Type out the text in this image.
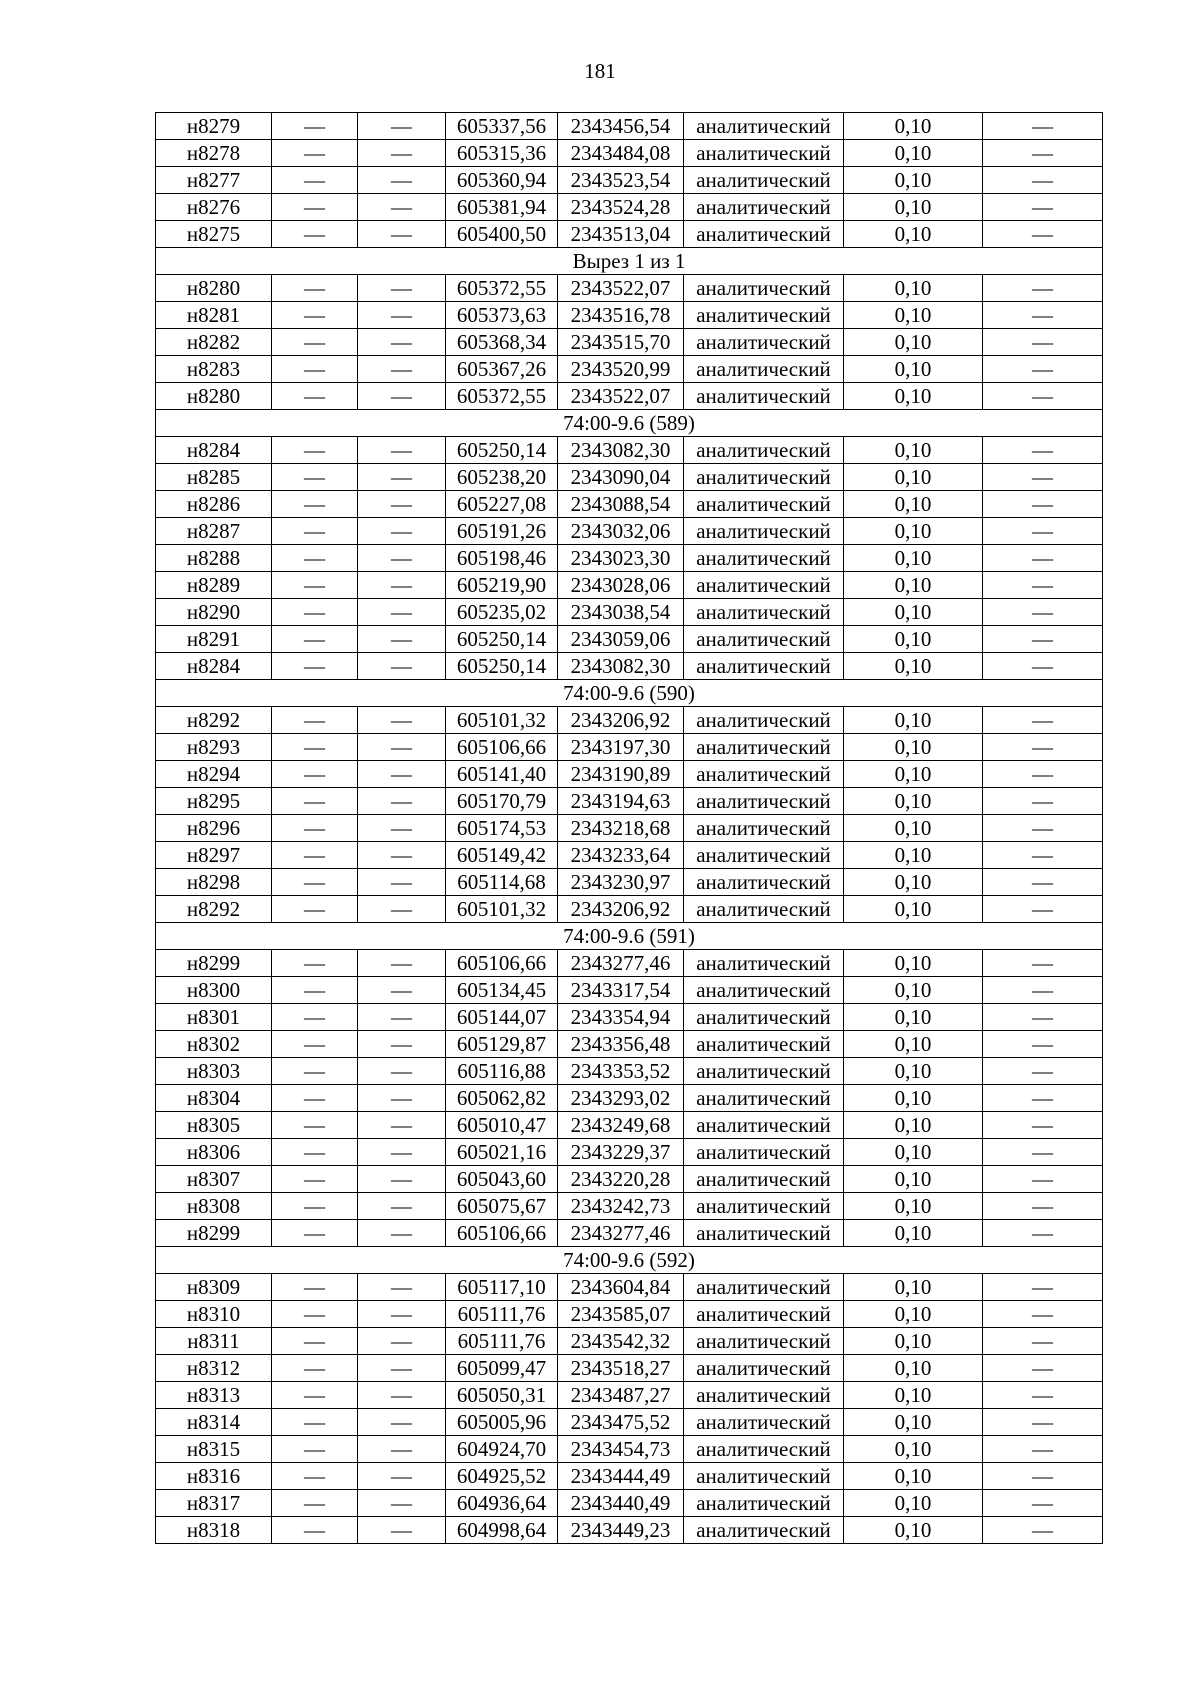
181
н8279	—	—	605337,56	2343456,54	аналитический	0,10	—
н8278	—	—	605315,36	2343484,08	аналитический	0,10	—
н8277	—	—	605360,94	2343523,54	аналитический	0,10	—
н8276	—	—	605381,94	2343524,28	аналитический	0,10	—
н8275	—	—	605400,50	2343513,04	аналитический	0,10	—
Вырез 1 из 1							
н8280	—	—	605372,55	2343522,07	аналитический	0,10	—
н8281	—	—	605373,63	2343516,78	аналитический	0,10	—
н8282	—	—	605368,34	2343515,70	аналитический	0,10	—
н8283	—	—	605367,26	2343520,99	аналитический	0,10	—
н8280	—	—	605372,55	2343522,07	аналитический	0,10	—
74:00-9.6 (589)							
н8284	—	—	605250,14	2343082,30	аналитический	0,10	—
н8285	—	—	605238,20	2343090,04	аналитический	0,10	—
н8286	—	—	605227,08	2343088,54	аналитический	0,10	—
н8287	—	—	605191,26	2343032,06	аналитический	0,10	—
н8288	—	—	605198,46	2343023,30	аналитический	0,10	—
н8289	—	—	605219,90	2343028,06	аналитический	0,10	—
н8290	—	—	605235,02	2343038,54	аналитический	0,10	—
н8291	—	—	605250,14	2343059,06	аналитический	0,10	—
н8284	—	—	605250,14	2343082,30	аналитический	0,10	—
74:00-9.6 (590)							
н8292	—	—	605101,32	2343206,92	аналитический	0,10	—
н8293	—	—	605106,66	2343197,30	аналитический	0,10	—
н8294	—	—	605141,40	2343190,89	аналитический	0,10	—
н8295	—	—	605170,79	2343194,63	аналитический	0,10	—
н8296	—	—	605174,53	2343218,68	аналитический	0,10	—
н8297	—	—	605149,42	2343233,64	аналитический	0,10	—
н8298	—	—	605114,68	2343230,97	аналитический	0,10	—
н8292	—	—	605101,32	2343206,92	аналитический	0,10	—
74:00-9.6 (591)							
н8299	—	—	605106,66	2343277,46	аналитический	0,10	—
н8300	—	—	605134,45	2343317,54	аналитический	0,10	—
н8301	—	—	605144,07	2343354,94	аналитический	0,10	—
н8302	—	—	605129,87	2343356,48	аналитический	0,10	—
н8303	—	—	605116,88	2343353,52	аналитический	0,10	—
н8304	—	—	605062,82	2343293,02	аналитический	0,10	—
н8305	—	—	605010,47	2343249,68	аналитический	0,10	—
н8306	—	—	605021,16	2343229,37	аналитический	0,10	—
н8307	—	—	605043,60	2343220,28	аналитический	0,10	—
н8308	—	—	605075,67	2343242,73	аналитический	0,10	—
н8299	—	—	605106,66	2343277,46	аналитический	0,10	—
74:00-9.6 (592)							
н8309	—	—	605117,10	2343604,84	аналитический	0,10	—
н8310	—	—	605111,76	2343585,07	аналитический	0,10	—
н8311	—	—	605111,76	2343542,32	аналитический	0,10	—
н8312	—	—	605099,47	2343518,27	аналитический	0,10	—
н8313	—	—	605050,31	2343487,27	аналитический	0,10	—
н8314	—	—	605005,96	2343475,52	аналитический	0,10	—
н8315	—	—	604924,70	2343454,73	аналитический	0,10	—
н8316	—	—	604925,52	2343444,49	аналитический	0,10	—
н8317	—	—	604936,64	2343440,49	аналитический	0,10	—
н8318	—	—	604998,64	2343449,23	аналитический	0,10	—
